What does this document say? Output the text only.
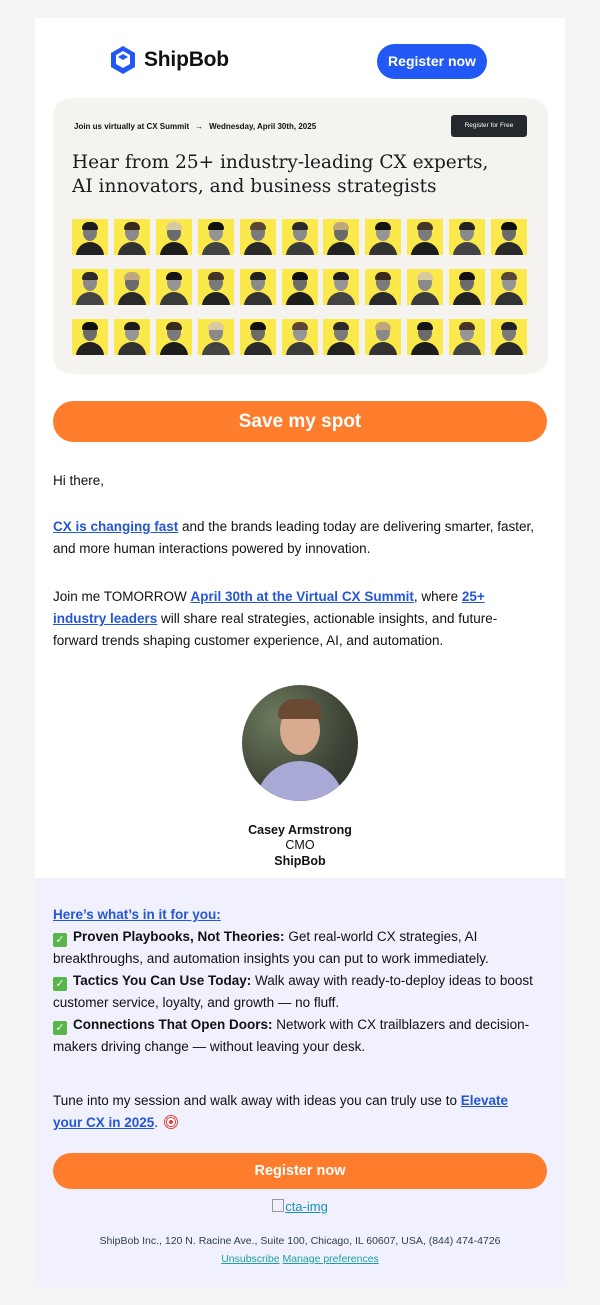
ShipBob	Register now
Join us virtually at CX Summit → Wednesday, April 30th, 2025	Register for Free
Hear from 25+ industry-leading CX experts, AI innovators, and business strategists
Save my spot
Hi there,
CX is changing fast and the brands leading today are delivering smarter, faster, and more human interactions powered by innovation.
Join me TOMORROW April 30th at the Virtual CX Summit, where 25+ industry leaders will share real strategies, actionable insights, and future-forward trends shaping customer experience, AI, and automation.
Casey Armstrong
CMO
ShipBob
Here’s what’s in it for you:
✓ Proven Playbooks, Not Theories: Get real-world CX strategies, AI breakthroughs, and automation insights you can put to work immediately.
✓ Tactics You Can Use Today: Walk away with ready-to-deploy ideas to boost customer service, loyalty, and growth — no fluff.
✓ Connections That Open Doors: Network with CX trailblazers and decision-makers driving change — without leaving your desk.
Tune into my session and walk away with ideas you can truly use to Elevate your CX in 2025.
Register now
cta-img
ShipBob Inc., 120 N. Racine Ave., Suite 100, Chicago, IL 60607, USA, (844) 474-4726
Unsubscribe Manage preferences
